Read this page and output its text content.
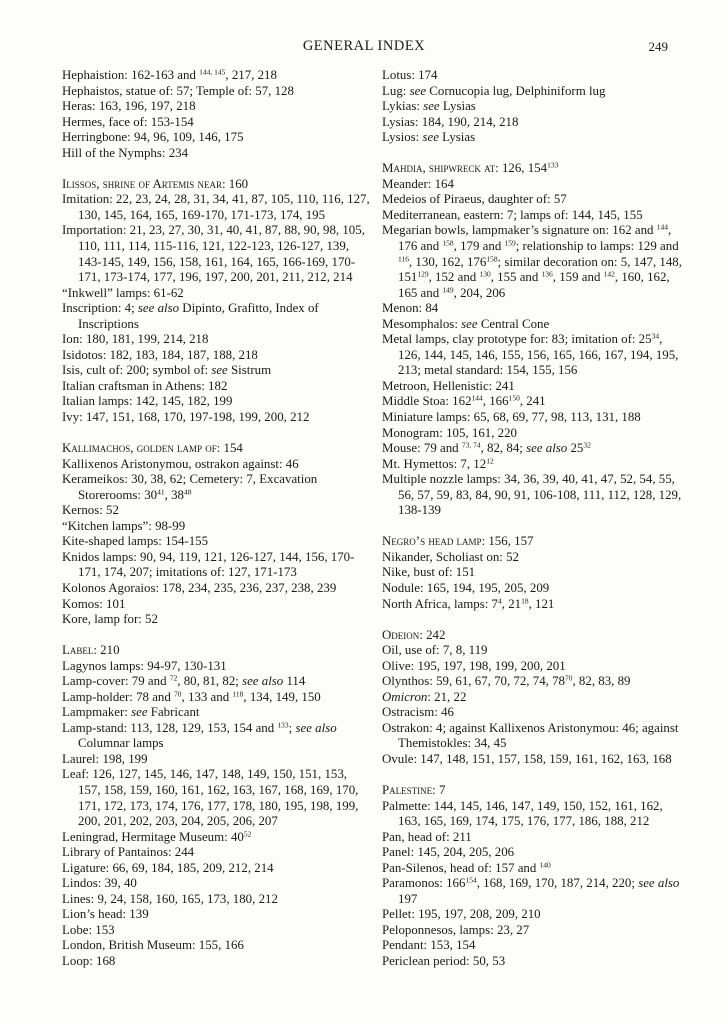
GENERAL INDEX	249
Hephaistion: 162-163 and $^{144, 145}$, 217, 218
Hephaistos, statue of: 57; Temple of: 57, 128
Heras: 163, 196, 197, 218
Hermes, face of: 153-154
Herringbone: 94, 96, 109, 146, 175
Hill of the Nymphs: 234
Ilissos, shrine of Artemis near: 160
Imitation: 22, 23, 24, 28, 31, 34, 41, 87, 105, 110, 116, 127, 130, 145, 164, 165, 169-170, 171-173, 174, 195
Importation: 21, 23, 27, 30, 31, 40, 41, 87, 88, 90, 98, 105, 110, 111, 114, 115-116, 121, 122-123, 126-127, 139, 143-145, 149, 156, 158, 161, 164, 165, 166-169, 170-171, 173-174, 177, 196, 197, 200, 201, 211, 212, 214
“Inkwell” lamps: 61-62
Inscription: 4; see also Dipinto, Grafitto, Index of Inscriptions
Ion: 180, 181, 199, 214, 218
Isidotos: 182, 183, 184, 187, 188, 218
Isis, cult of: 200; symbol of: see Sistrum
Italian craftsman in Athens: 182
Italian lamps: 142, 145, 182, 199
Ivy: 147, 151, 168, 170, 197-198, 199, 200, 212
Kallimachos, golden lamp of: 154
Kallixenos Aristonymou, ostrakon against: 46
Kerameikos: 30, 38, 62; Cemetery: 7, Excavation Storerooms: $30^{41}$, $38^{48}$
Kernos: 52
“Kitchen lamps”: 98-99
Kite-shaped lamps: 154-155
Knidos lamps: 90, 94, 119, 121, 126-127, 144, 156, 170-171, 174, 207; imitations of: 127, 171-173
Kolonos Agoraios: 178, 234, 235, 236, 237, 238, 239
Komos: 101
Kore, lamp for: 52
Label: 210
Lagynos lamps: 94-97, 130-131
Lamp-cover: 79 and $^{72}$, 80, 81, 82; see also 114
Lamp-holder: 78 and $^{70}$, 133 and $^{118}$, 134, 149, 150
Lampmaker: see Fabricant
Lamp-stand: 113, 128, 129, 153, 154 and $^{133}$; see also Columnar lamps
Laurel: 198, 199
Leaf: 126, 127, 145, 146, 147, 148, 149, 150, 151, 153, 157, 158, 159, 160, 161, 162, 163, 167, 168, 169, 170, 171, 172, 173, 174, 176, 177, 178, 180, 195, 198, 199, 200, 201, 202, 203, 204, 205, 206, 207
Leningrad, Hermitage Museum: $40^{52}$
Library of Pantainos: 244
Ligature: 66, 69, 184, 185, 209, 212, 214
Lindos: 39, 40
Lines: 9, 24, 158, 160, 165, 173, 180, 212
Lion’s head: 139
Lobe: 153
London, British Museum: 155, 166
Loop: 168
Lotus: 174
Lug: see Cornucopia lug, Delphiniform lug
Lykias: see Lysias
Lysias: 184, 190, 214, 218
Lysios: see Lysias
Mahdia, shipwreck at: 126, $154^{133}$
Meander: 164
Medeios of Piraeus, daughter of: 57
Mediterranean, eastern: 7; lamps of: 144, 145, 155
Megarian bowls, lampmaker’s signature on: 162 and $^{144}$, 176 and $^{158}$, 179 and $^{159}$; relationship to lamps: 129 and $^{116}$, 130, 162, $176^{158}$; similar decoration on: 5, 147, 148, $151^{129}$, 152 and $^{130}$, 155 and $^{136}$, 159 and $^{142}$, 160, 162, 165 and $^{149}$, 204, 206
Menon: 84
Mesomphalos: see Central Cone
Metal lamps, clay prototype for: 83; imitation of: $25^{34}$, 126, 144, 145, 146, 155, 156, 165, 166, 167, 194, 195, 213; metal standard: 154, 155, 156
Metroon, Hellenistic: 241
Middle Stoa: $162^{144}$, $166^{150}$, 241
Miniature lamps: 65, 68, 69, 77, 98, 113, 131, 188
Monogram: 105, 161, 220
Mouse: 79 and $^{73, 74}$, 82, 84; see also $25^{32}$
Mt. Hymettos: 7, $12^{12}$
Multiple nozzle lamps: 34, 36, 39, 40, 41, 47, 52, 54, 55, 56, 57, 59, 83, 84, 90, 91, 106-108, 111, 112, 128, 129, 138-139
Negro’s head lamp: 156, 157
Nikander, Scholiast on: 52
Nike, bust of: 151
Nodule: 165, 194, 195, 205, 209
North Africa, lamps: $7^4$, $21^{18}$, 121
Odeion: 242
Oil, use of: 7, 8, 119
Olive: 195, 197, 198, 199, 200, 201
Olynthos: 59, 61, 67, 70, 72, 74, $78^{70}$, 82, 83, 89
Omicron: 21, 22
Ostracism: 46
Ostrakon: 4; against Kallixenos Aristonymou: 46; against Themistokles: 34, 45
Ovule: 147, 148, 151, 157, 158, 159, 161, 162, 163, 168
Palestine: 7
Palmette: 144, 145, 146, 147, 149, 150, 152, 161, 162, 163, 165, 169, 174, 175, 176, 177, 186, 188, 212
Pan, head of: 211
Panel: 145, 204, 205, 206
Pan-Silenos, head of: 157 and $^{140}$
Paramonos: $166^{154}$, 168, 169, 170, 187, 214, 220; see also 197
Pellet: 195, 197, 208, 209, 210
Peloponnesos, lamps: 23, 27
Pendant: 153, 154
Periclean period: 50, 53
